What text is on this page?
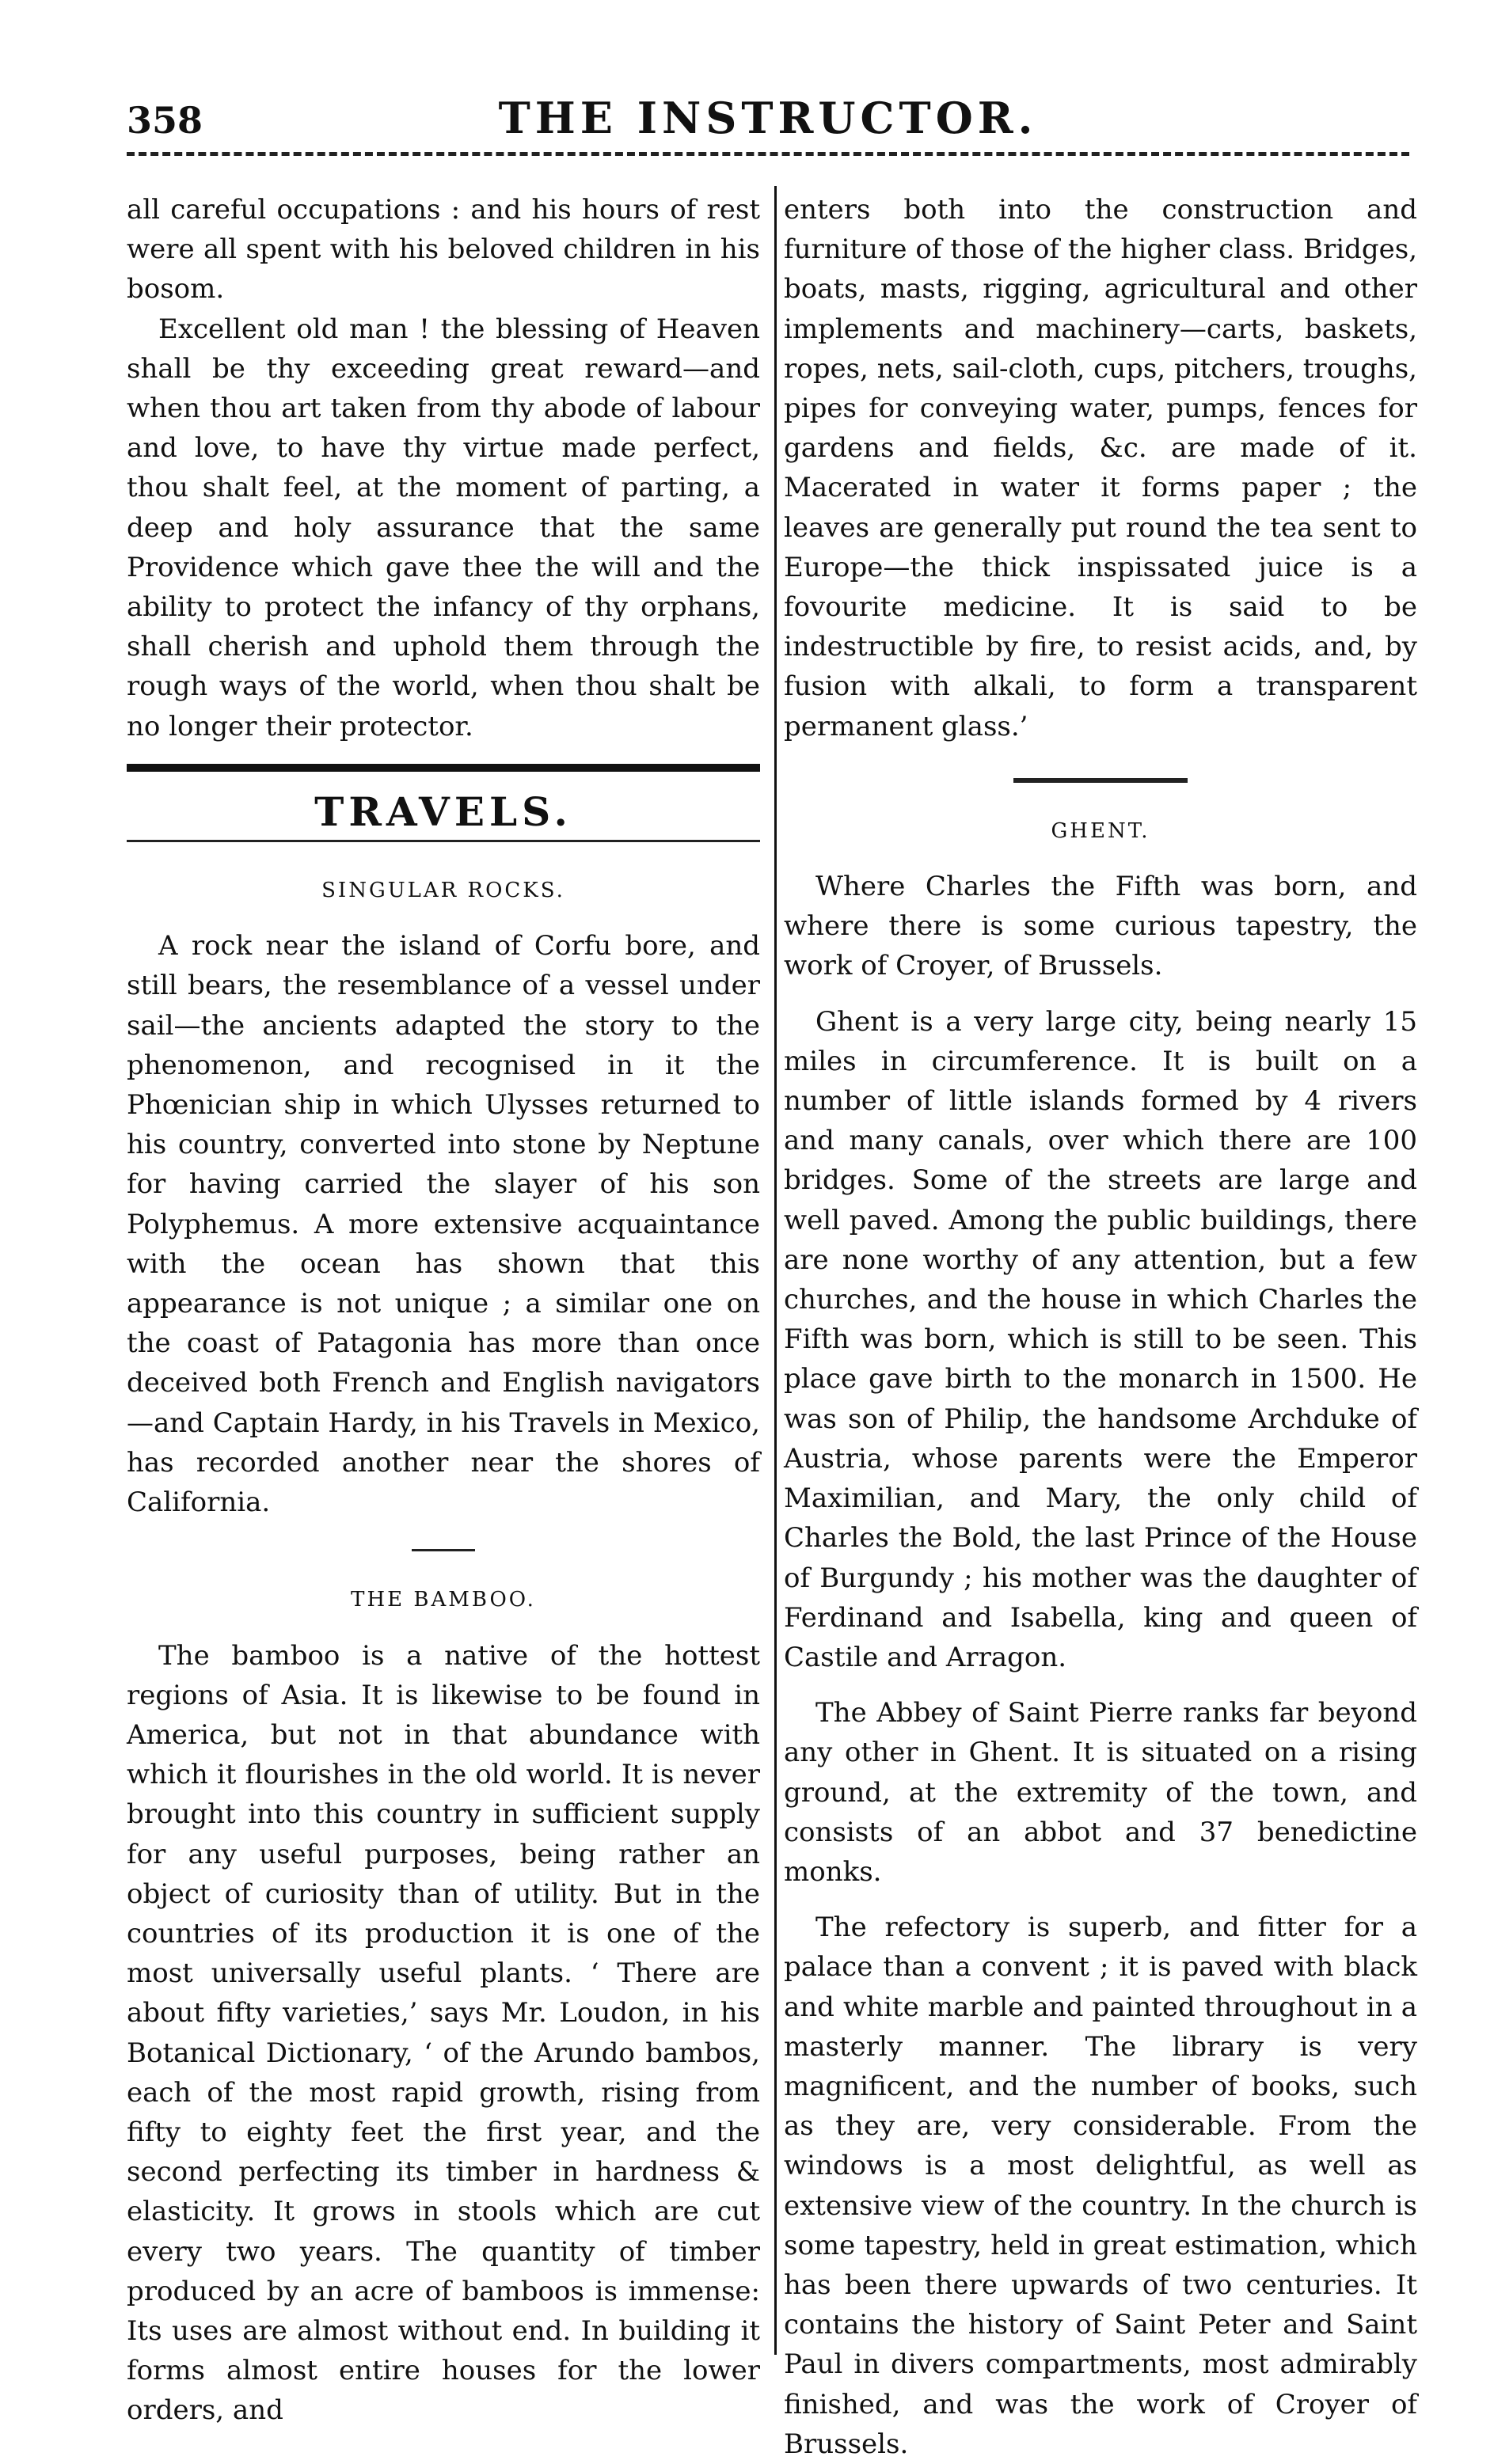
358	THE INSTRUCTOR.

all careful occupations : and his hours of rest were all spent with his beloved children in his bosom.

Excellent old man ! the blessing of Heaven shall be thy exceeding great reward—and when thou art taken from thy abode of labour and love, to have thy virtue made perfect, thou shalt feel, at the moment of parting, a deep and holy assurance that the same Providence which gave thee the will and the ability to protect the infancy of thy orphans, shall cherish and uphold them through the rough ways of the world, when thou shalt be no longer their protector.

TRAVELS.
SINGULAR ROCKS.

A rock near the island of Corfu bore, and still bears, the resemblance of a vessel under sail—the ancients adapted the story to the phenomenon, and recognised in it the Phœnician ship in which Ulysses returned to his country, converted into stone by Neptune for having carried the slayer of his son Polyphemus. A more extensive acquaintance with the ocean has shown that this appearance is not unique ; a similar one on the coast of Patagonia has more than once deceived both French and English navigators—and Captain Hardy, in his Travels in Mexico, has recorded another near the shores of California.

THE BAMBOO.

The bamboo is a native of the hottest regions of Asia. It is likewise to be found in America, but not in that abundance with which it flourishes in the old world. It is never brought into this country in sufficient supply for any useful purposes, being rather an object of curiosity than of utility. But in the countries of its production it is one of the most universally useful plants. ‘ There are about fifty varieties,’ says Mr. Loudon, in his Botanical Dictionary, ‘ of the Arundo bambos, each of the most rapid growth, rising from fifty to eighty feet the first year, and the second perfecting its timber in hardness & elasticity. It grows in stools which are cut every two years. The quantity of timber produced by an acre of bamboos is immense: Its uses are almost without end. In building it forms almost entire houses for the lower orders, and

enters both into the construction and furniture of those of the higher class. Bridges, boats, masts, rigging, agricultural and other implements and machinery—carts, baskets, ropes, nets, sail-cloth, cups, pitchers, troughs, pipes for conveying water, pumps, fences for gardens and fields, &c. are made of it. Macerated in water it forms paper ; the leaves are generally put round the tea sent to Europe—the thick inspissated juice is a fovourite medicine. It is said to be indestructible by fire, to resist acids, and, by fusion with alkali, to form a transparent permanent glass.’

GHENT.

Where Charles the Fifth was born, and where there is some curious tapestry, the work of Croyer, of Brussels.

Ghent is a very large city, being nearly 15 miles in circumference. It is built on a number of little islands formed by 4 rivers and many canals, over which there are 100 bridges. Some of the streets are large and well paved. Among the public buildings, there are none worthy of any attention, but a few churches, and the house in which Charles the Fifth was born, which is still to be seen. This place gave birth to the monarch in 1500. He was son of Philip, the handsome Archduke of Austria, whose parents were the Emperor Maximilian, and Mary, the only child of Charles the Bold, the last Prince of the House of Burgundy ; his mother was the daughter of Ferdinand and Isabella, king and queen of Castile and Arragon.

The Abbey of Saint Pierre ranks far beyond any other in Ghent. It is situated on a rising ground, at the extremity of the town, and consists of an abbot and 37 benedictine monks.

The refectory is superb, and fitter for a palace than a convent ; it is paved with black and white marble and painted throughout in a masterly manner. The library is very magnificent, and the number of books, such as they are, very considerable. From the windows is a most delightful, as well as extensive view of the country. In the church is some tapestry, held in great estimation, which has been there upwards of two centuries. It contains the history of Saint Peter and Saint Paul in divers compartments, most admirably finished, and was the work of Croyer of Brussels.
